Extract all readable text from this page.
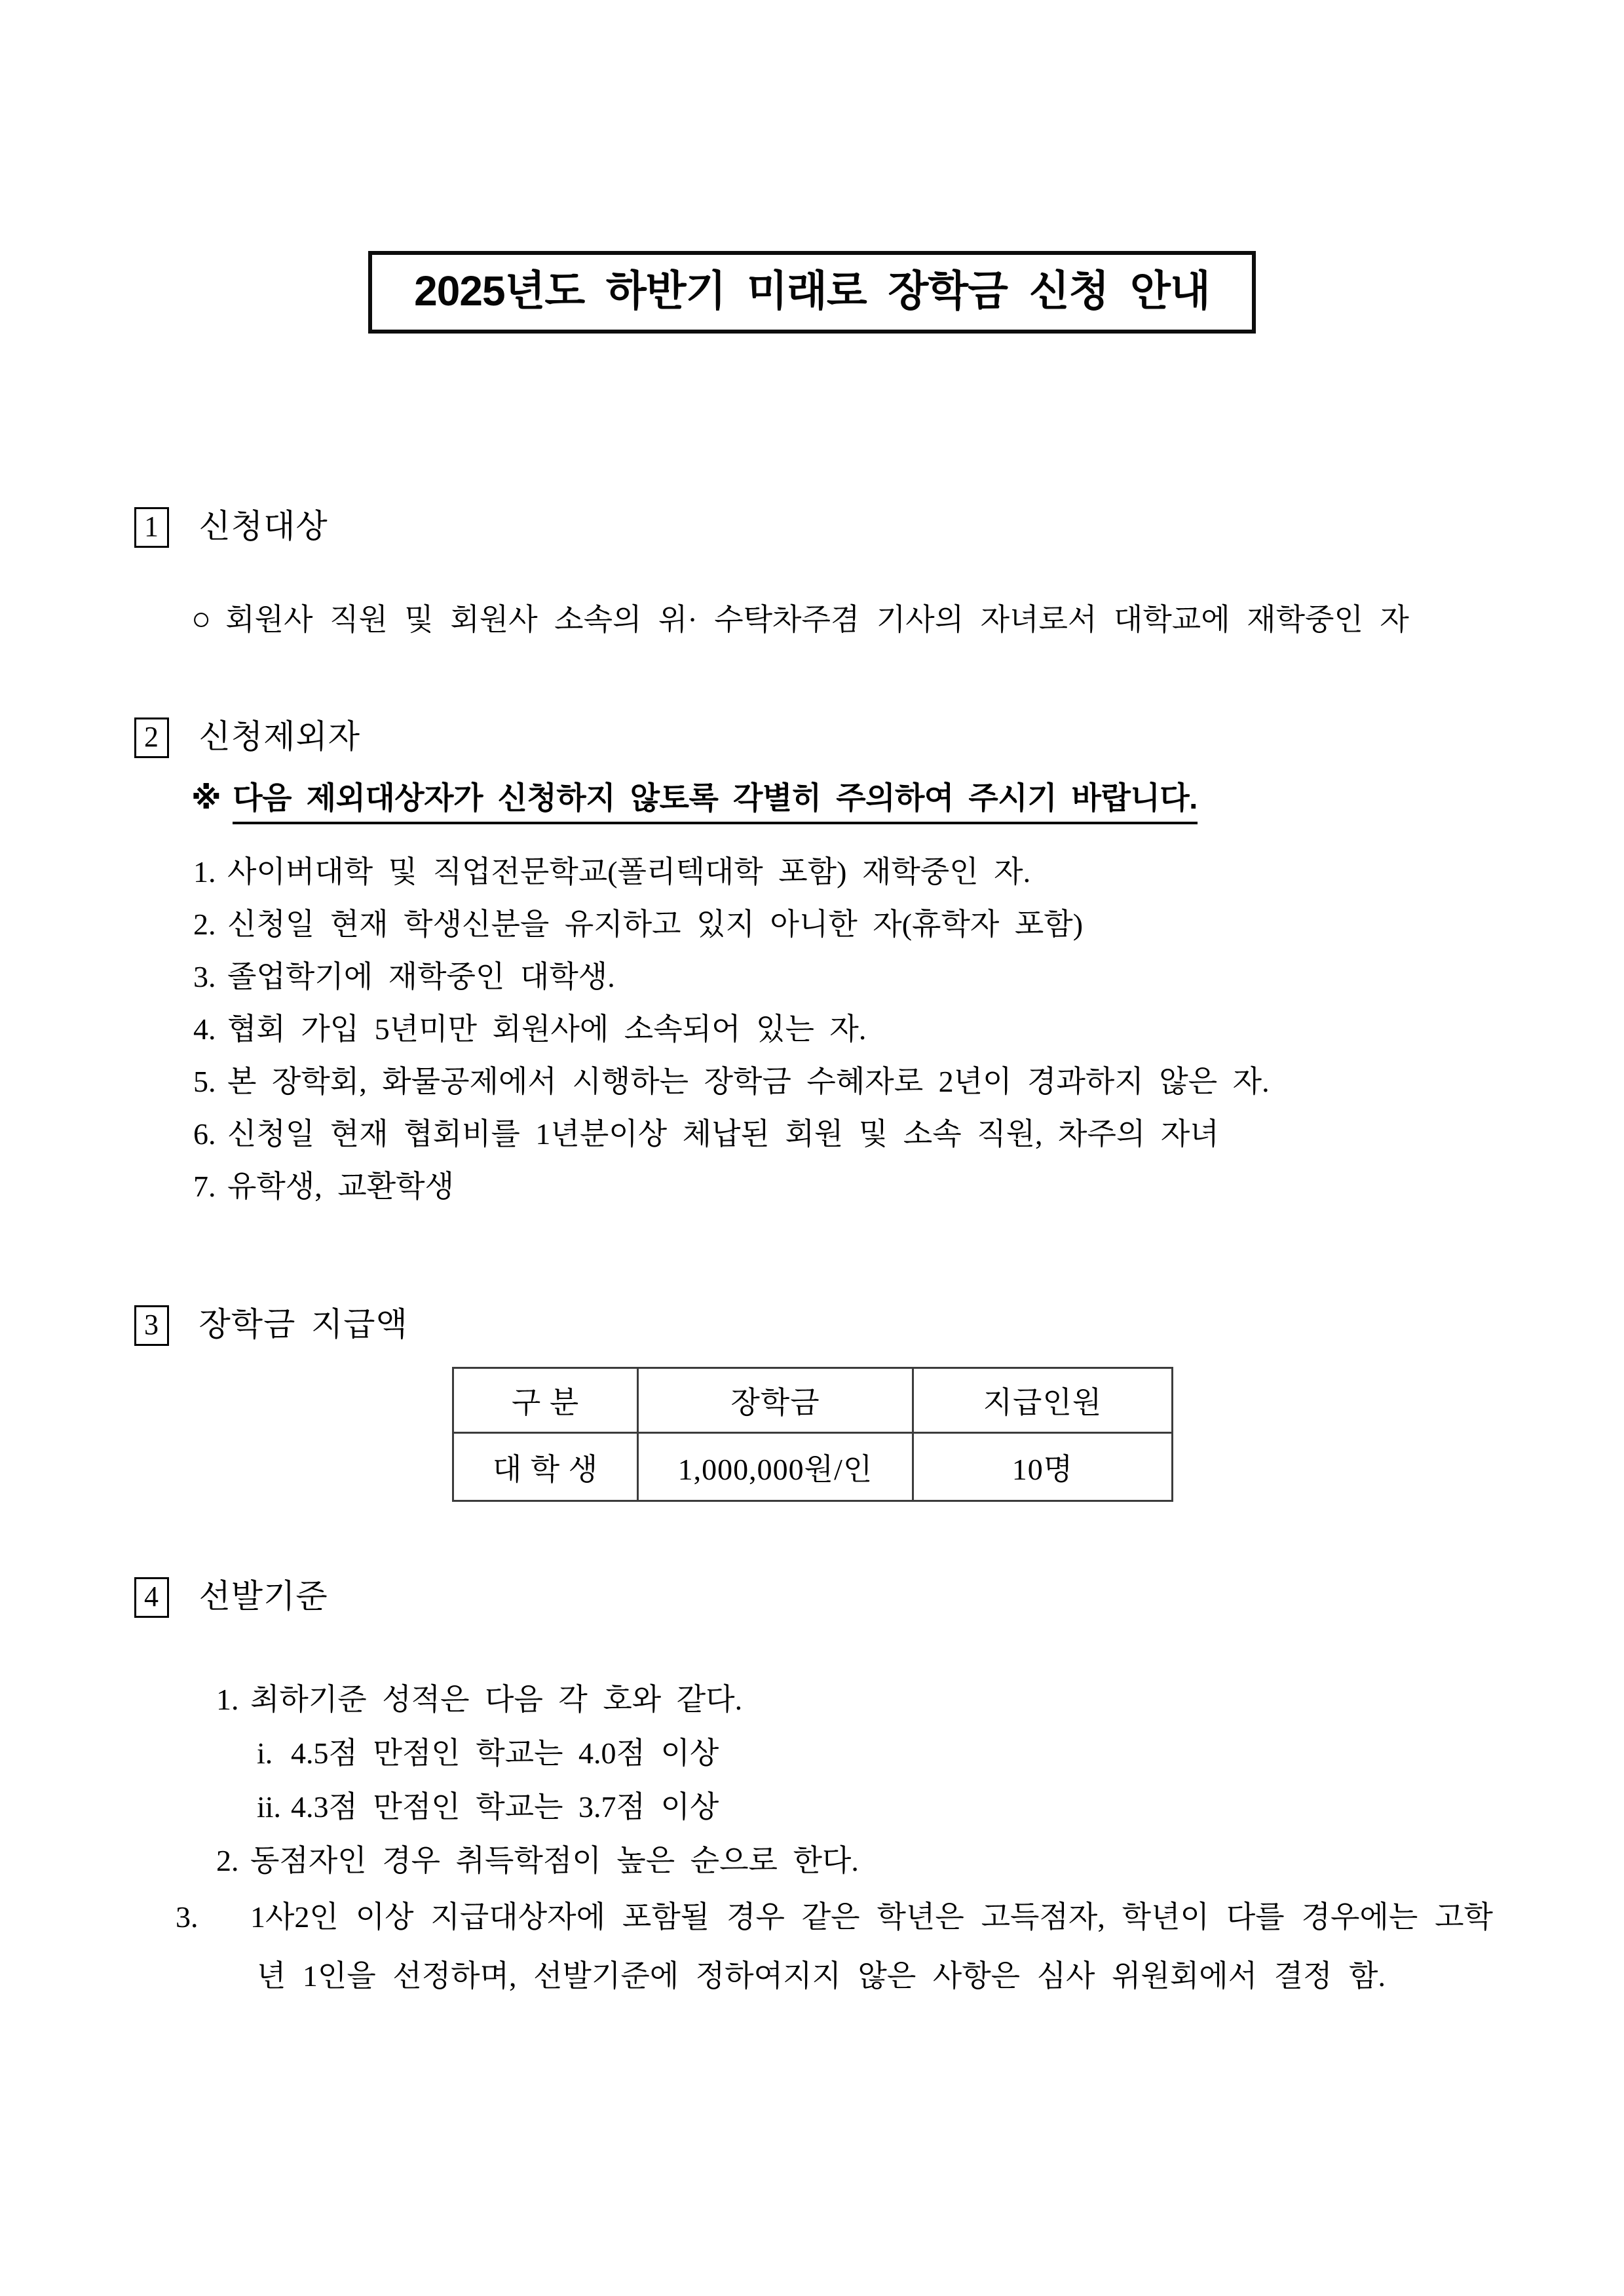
2025년도 하반기 미래로 장학금 신청 안내
1 신청대상
○ 회원사 직원 및 회원사 소속의 위· 수탁차주겸 기사의 자녀로서 대학교에 재학중인 자
2 신청제외자
※ 다음 제외대상자가 신청하지 않토록 각별히 주의하여 주시기 바랍니다.
1. 사이버대학 및 직업전문학교(폴리텍대학 포함) 재학중인 자.
2. 신청일 현재 학생신분을 유지하고 있지 아니한 자(휴학자 포함)
3. 졸업학기에 재학중인 대학생.
4. 협회 가입 5년미만 회원사에 소속되어 있는 자.
5. 본 장학회, 화물공제에서 시행하는 장학금 수혜자로 2년이 경과하지 않은 자.
6. 신청일 현재 협회비를 1년분이상 체납된 회원 및 소속 직원, 차주의 자녀
7. 유학생, 교환학생
3 장학금 지급액
구 분	장학금	지급인원
대 학 생	1,000,000원/인	10명
4 선발기준
1. 최하기준 성적은 다음 각 호와 같다.
i. 4.5점 만점인 학교는 4.0점 이상
ii. 4.3점 만점인 학교는 3.7점 이상
2. 동점자인 경우 취득학점이 높은 순으로 한다.
3. 1사2인 이상 지급대상자에 포함될 경우 같은 학년은 고득점자, 학년이 다를 경우에는 고학년 1인을 선정하며, 선발기준에 정하여지지 않은 사항은 심사 위원회에서 결정 함.
